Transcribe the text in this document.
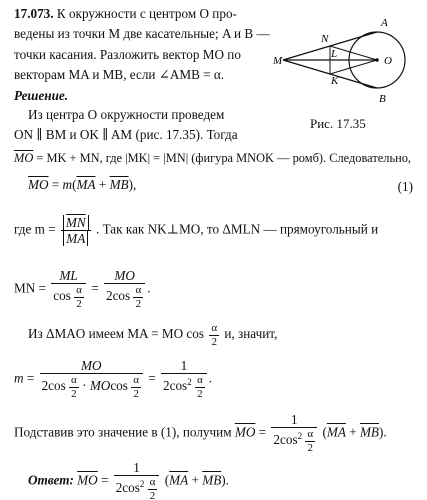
17.073. К окружности с центром O про-
ведены из точки M две касательные; A и B —
точки касания. Разложить вектор MO по
векторам MA и MB, если ∠AMB = α.
Решение.
Из центра O окружности проведем
ON ∥ BM и OK ∥ AM (рис. 17.35). Тогда
$\overline{MO}$ = MK + MN, где |MK| = |MN| (фигура MNOK — ромб). Следовательно,
$\overline{MO} = m(\overline{MA} + \overline{MB})$,	(1)
где $m = \frac{\overline{MN}}{MA}$ . Так как NK⊥MO, то ΔMLN — прямоугольный и
MN = $\frac{ML}{\cos \frac{\alpha}{2}} = \frac{MO}{2\cos \frac{\alpha}{2}}$ .
Из ΔMAO имеем MA = MO $\cos \frac{\alpha}{2} и$, значит,
$m = \frac{MO}{2\cos \frac{\alpha}{2} \cdot MOcos \frac{\alpha}{2}} = \frac{1}{2\cos^2 \frac{\alpha}{2}}$ .
Подставив это значение в (1), получим $\overline{MO} = \frac{1}{2\cos^2 \frac{\alpha}{2}} (\overline{MA} + \overline{MB})$.
Ответ: $\overline{MO} = \frac{1}{2\cos^2 \frac{\alpha}{2}} (\overline{MA} + \overline{MB})$.
A
N
L
M	O
K
B
Рис. 17.35
